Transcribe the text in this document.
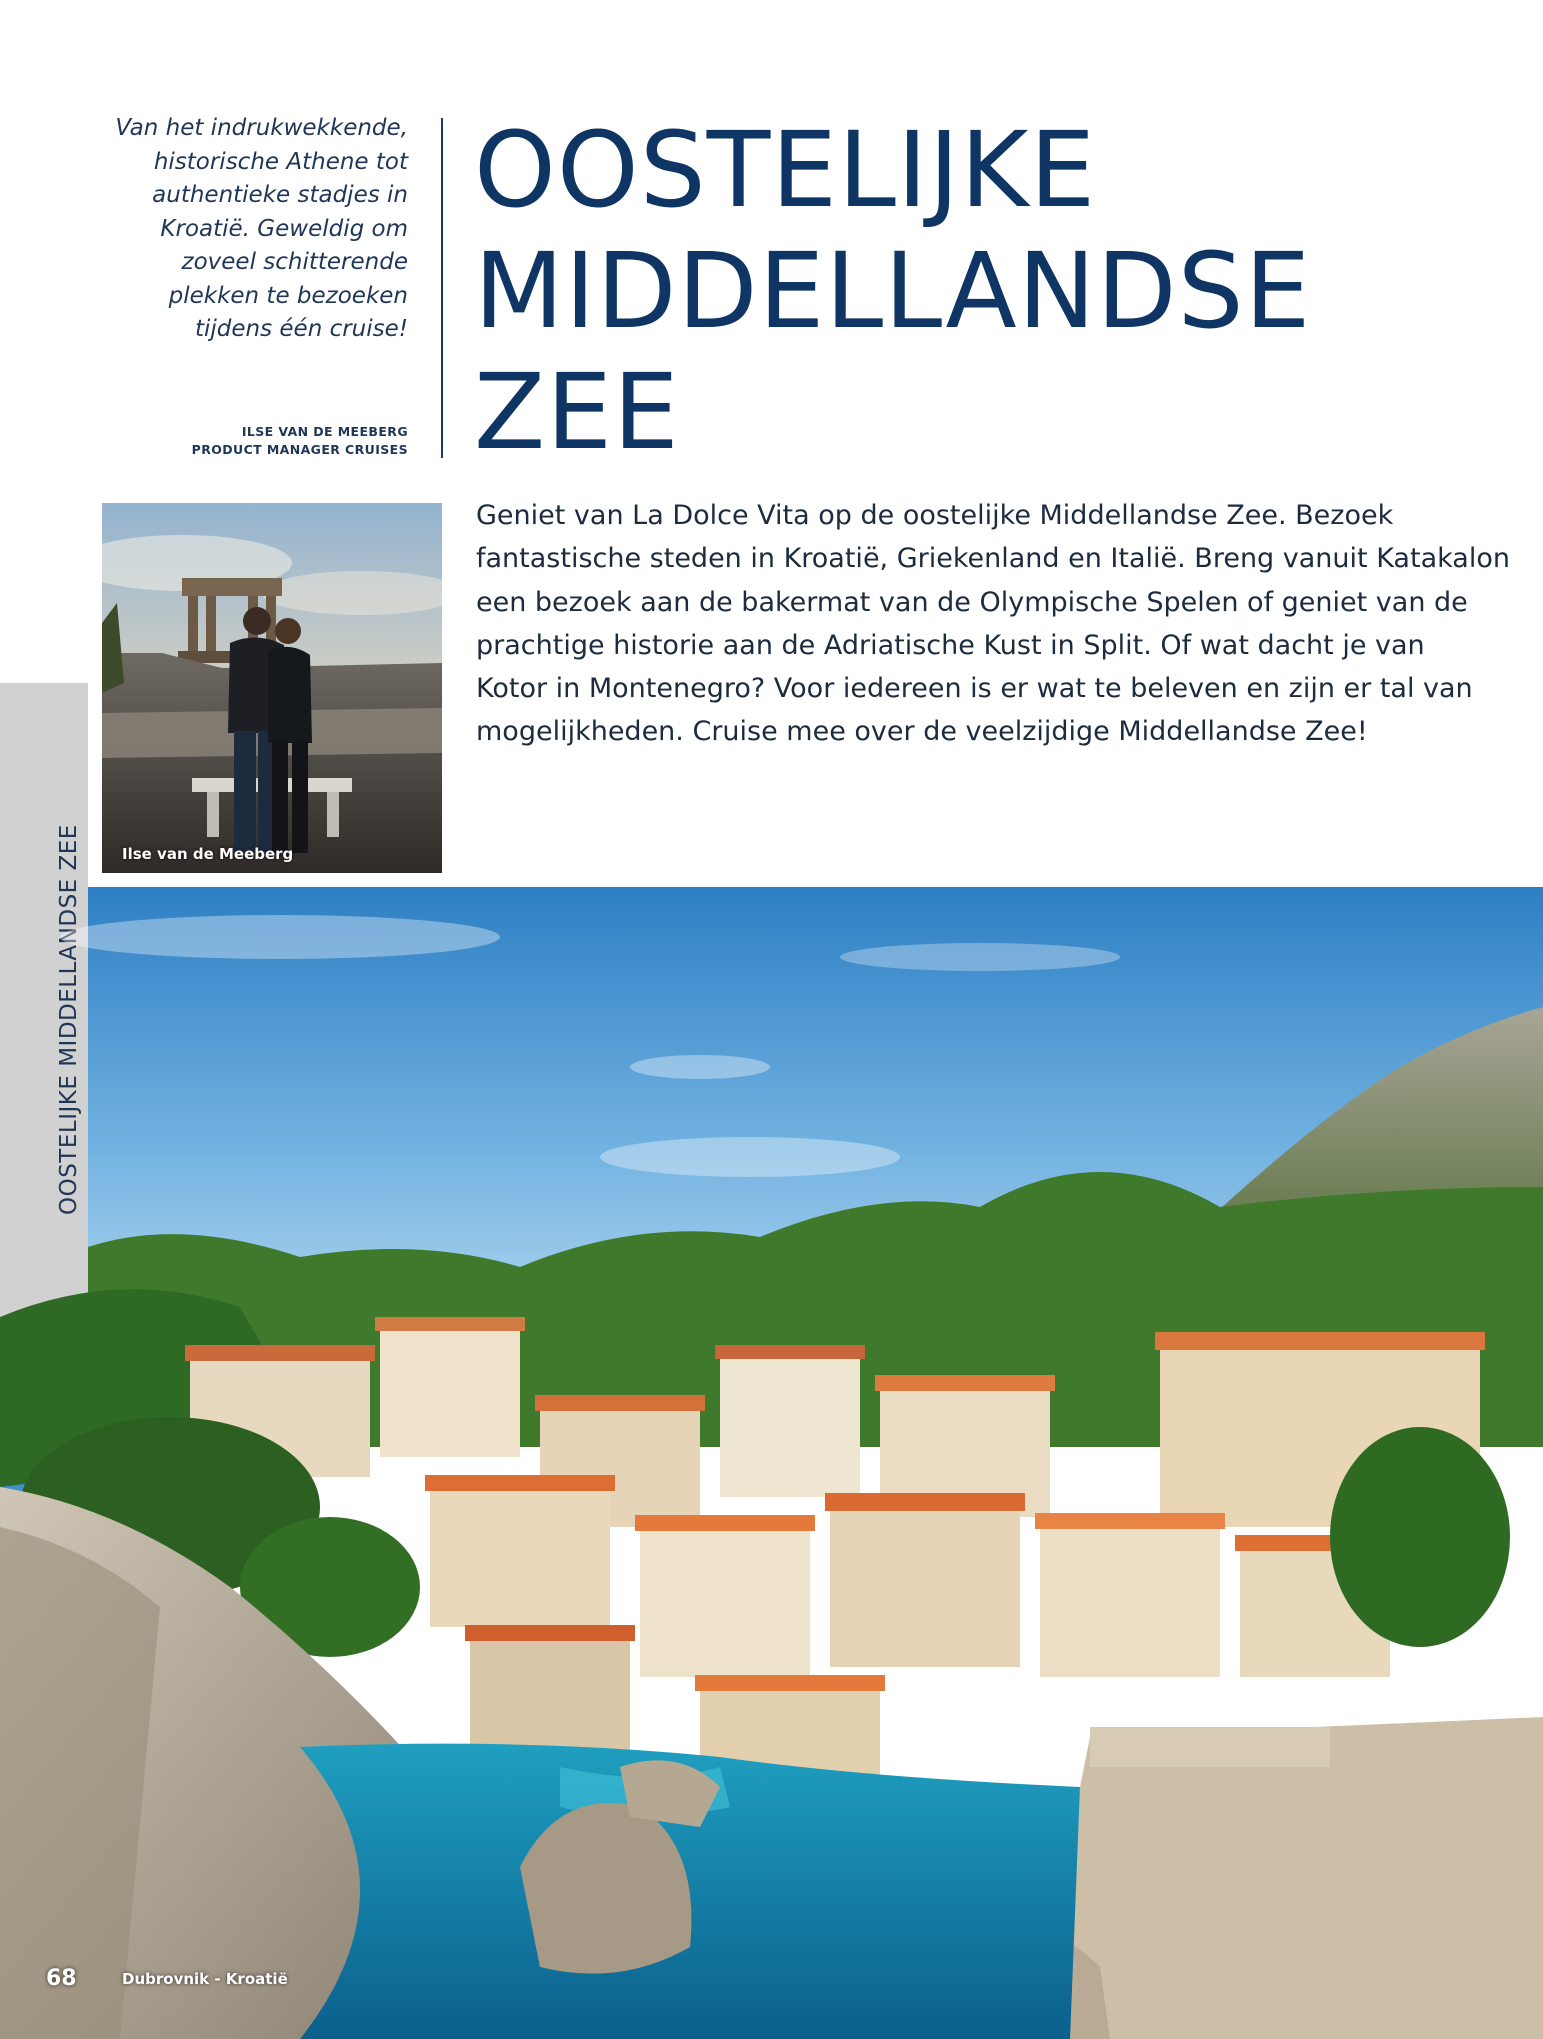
Van het indrukwekkende,
historische Athene tot
authentieke stadjes in
Kroatië. Geweldig om
zoveel schitterende
plekken te bezoeken
tijdens één cruise!
ILSE VAN DE MEEBERG
PRODUCT MANAGER CRUISES
OOSTELIJKE
MIDDELLANDSE
ZEE
Geniet van La Dolce Vita op de oostelijke Middellandse Zee. Bezoek
fantastische steden in Kroatië, Griekenland en Italië. Breng vanuit Katakalon
een bezoek aan de bakermat van de Olympische Spelen of geniet van de
prachtige historie aan de Adriatische Kust in Split. Of wat dacht je van
Kotor in Montenegro? Voor iedereen is er wat te beleven en zijn er tal van
mogelijkheden. Cruise mee over de veelzijdige Middellandse Zee!
Ilse van de Meeberg
OOSTELIJKE MIDDELLANDSE ZEE
68	Dubrovnik - Kroatië
